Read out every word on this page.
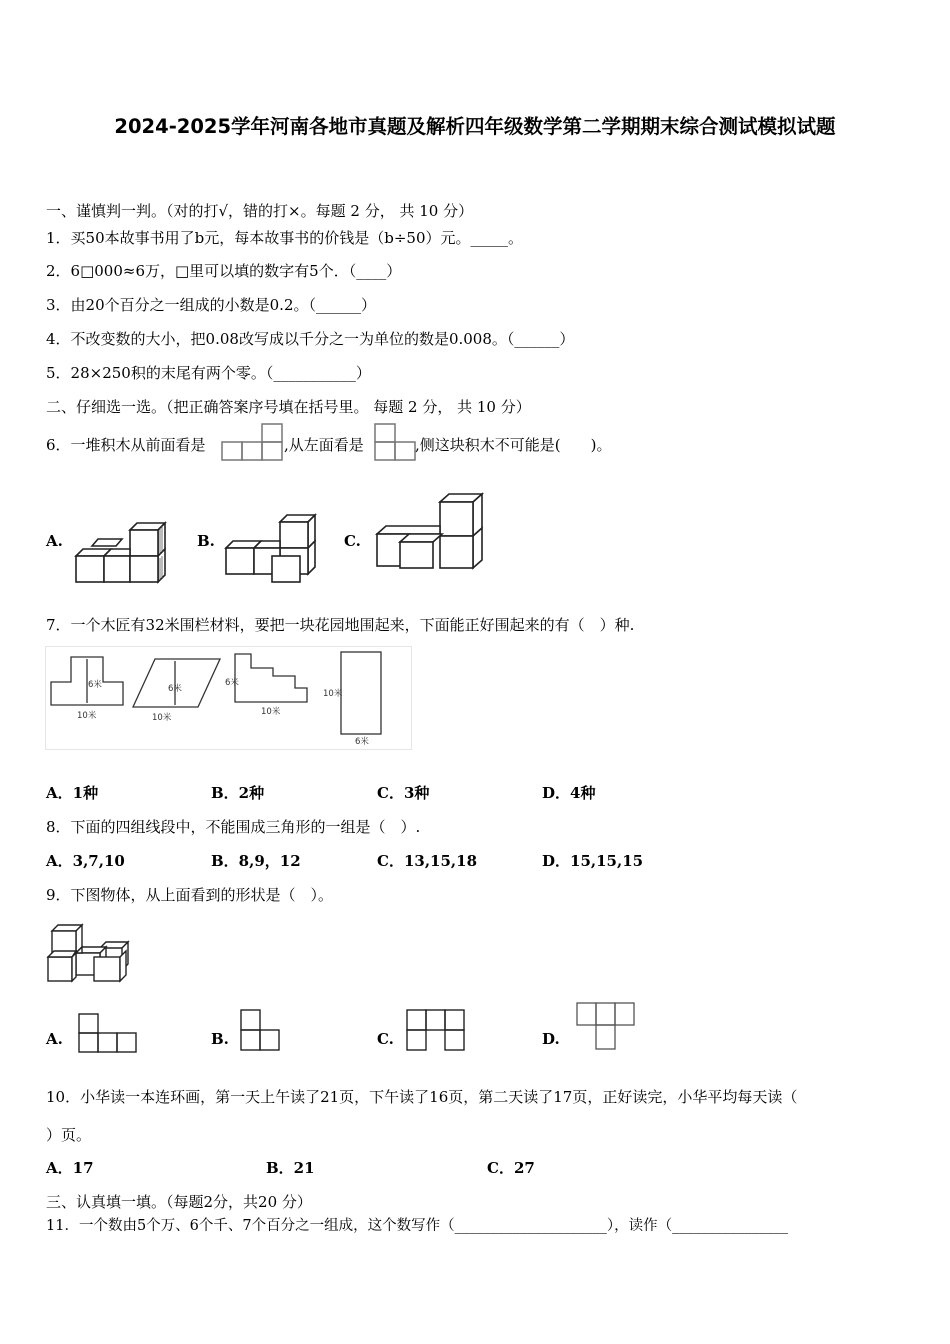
2024-2025学年河南各地市真题及解析四年级数学第二学期期末综合测试模拟试题
一、谨慎判一判。（对的打√，错的打×。每题 2 分， 共 10 分）
1．买50本故事书用了b元，每本故事书的价钱是（b÷50）元。_____。
2．6□000≈6万，□里可以填的数字有5个．（____）
3．由20个百分之一组成的小数是0.2。（______）
4．不改变数的大小，把0.08改写成以千分之一为单位的数是0.008。（______）
5．28×250积的末尾有两个零。（___________）
二、仔细选一选。（把正确答案序号填在括号里。 每题 2 分， 共 10 分）
6．一堆积木从前面看是	,从左面看是	,侧这块积木不可能是(　　)。
A.	B.	C.
7．一个木匠有32米围栏材料，要把一块花园地围起来，下面能正好围起来的有（　）种.
6米
10米
6米
10米
6米
10米
10米
6米
A．1种	B．2种	C．3种	D．4种
8．下面的四组线段中，不能围成三角形的一组是（　）.
A．3,7,10	B．8,9，12	C．13,15,18	D．15,15,15
9．下图物体，从上面看到的形状是（　）。
A.	B.	C.	D.
10．小华读一本连环画，第一天上午读了21页，下午读了16页，第二天读了17页，正好读完，小华平均每天读（
）页。
A．17	B．21	C．27
三、认真填一填。（每题2分，共20 分）
11．一个数由5个万、6个千、7个百分之一组成，这个数写作（_____________________），读作（________________
